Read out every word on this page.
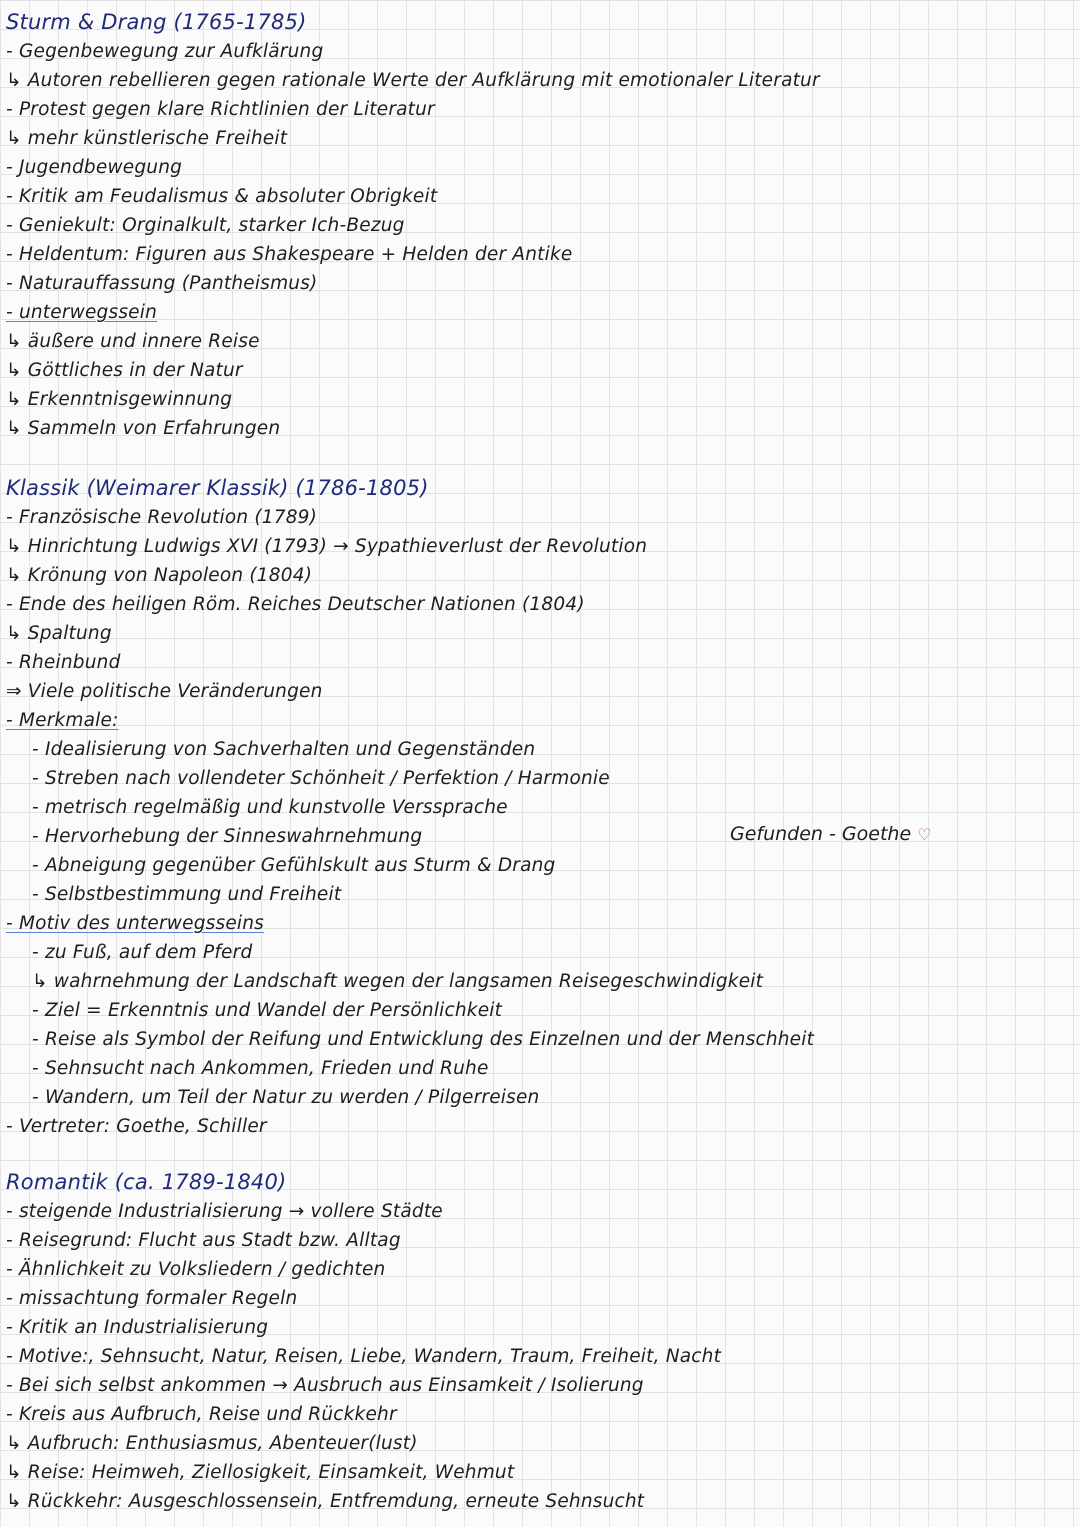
Sturm & Drang (1765-1785)
- Gegenbewegung zur Aufklärung
↳ Autoren rebellieren gegen rationale Werte der Aufklärung mit emotionaler Literatur
- Protest gegen klare Richtlinien der Literatur
↳ mehr künstlerische Freiheit
- Jugendbewegung
- Kritik am Feudalismus & absoluter Obrigkeit
- Geniekult: Orginalkult, starker Ich-Bezug
- Heldentum: Figuren aus Shakespeare + Helden der Antike
- Naturauffassung (Pantheismus)
- unterwegssein
↳ äußere und innere Reise
↳ Göttliches in der Natur
↳ Erkenntnisgewinnung
↳ Sammeln von Erfahrungen
Klassik (Weimarer Klassik) (1786-1805)
- Französische Revolution (1789)
↳ Hinrichtung Ludwigs XVI (1793) → Sypathieverlust der Revolution
↳ Krönung von Napoleon (1804)
- Ende des heiligen Röm. Reiches Deutscher Nationen (1804)
↳ Spaltung
- Rheinbund
⇒ Viele politische Veränderungen
- Merkmale:
- Idealisierung von Sachverhalten und Gegenständen
- Streben nach vollendeter Schönheit / Perfektion / Harmonie
- metrisch regelmäßig und kunstvolle Verssprache
- Hervorhebung der Sinneswahrnehmung
- Abneigung gegenüber Gefühlskult aus Sturm & Drang
- Selbstbestimmung und Freiheit
- Motiv des unterwegsseins
- zu Fuß, auf dem Pferd
↳ wahrnehmung der Landschaft wegen der langsamen Reisegeschwindigkeit
- Ziel = Erkenntnis und Wandel der Persönlichkeit
- Reise als Symbol der Reifung und Entwicklung des Einzelnen und der Menschheit
- Sehnsucht nach Ankommen, Frieden und Ruhe
- Wandern, um Teil der Natur zu werden / Pilgerreisen
- Vertreter: Goethe, Schiller
Gefunden - Goethe ♡
Romantik (ca. 1789-1840)
- steigende Industrialisierung → vollere Städte
- Reisegrund: Flucht aus Stadt bzw. Alltag
- Ähnlichkeit zu Volksliedern / gedichten
- missachtung formaler Regeln
- Kritik an Industrialisierung
- Motive:, Sehnsucht, Natur, Reisen, Liebe, Wandern, Traum, Freiheit, Nacht
- Bei sich selbst ankommen → Ausbruch aus Einsamkeit / Isolierung
- Kreis aus Aufbruch, Reise und Rückkehr
↳ Aufbruch: Enthusiasmus, Abenteuer(lust)
↳ Reise: Heimweh, Ziellosigkeit, Einsamkeit, Wehmut
↳ Rückkehr: Ausgeschlossensein, Entfremdung, erneute Sehnsucht
